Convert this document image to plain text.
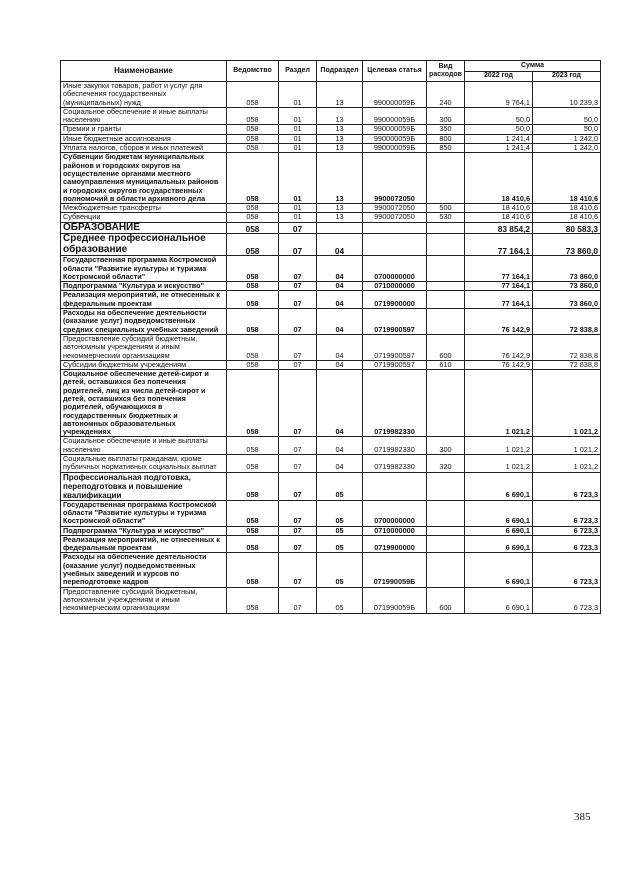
Наименование	Ведомство	Раздел	Подраздел	Целевая статья	Вид расходов	Сумма	
						2022 год	2023 год
Иные закупки товаров, работ и услуг для обеспечения государственных (муниципальных) нужд	058	01	13	990000059Б	240	9 764,1	10 239,3
Социальное обеспечение и иные выплаты населению	058	01	13	990000059Б	300	50,0	50,0
Премии и гранты	058	01	13	990000059Б	350	50,0	50,0
Иные бюджетные ассигнования	058	01	13	990000059Б	800	1 241,4	1 242,0
Уплата налогов, сборов и иных платежей	058	01	13	990000059Б	850	1 241,4	1 242,0
Субвенции бюджетам муниципальных районов и городских округов на осуществление органами местного самоуправления муниципальных районов и городских округов государственных полномочий в области архивного дела	058	01	13	9900072050		18 410,6	18 410,6
Межбюджетные трансферты	058	01	13	9900072050	500	18 410,6	18 410,6
Субвенции	058	01	13	9900072050	530	18 410,6	18 410,6
ОБРАЗОВАНИЕ	058	07				83 854,2	80 583,3
Среднее профессиональное образование	058	07	04			77 164,1	73 860,0
Государственная программа Костромской области "Развитие культуры и туризма Костромской области"	058	07	04	0700000000		77 164,1	73 860,0
Подпрограмма "Культура и искусство"	058	07	04	0710000000		77 164,1	73 860,0
Реализация мероприятий, не отнесенных к федеральным проектам	058	07	04	0719900000		77 164,1	73 860,0
Расходы на обеспечение деятельности (оказание услуг) подведомственных средних специальных учебных заведений	058	07	04	0719900597		76 142,9	72 838,8
Предоставление субсидий бюджетным, автономным учреждениям и иным некоммерческим организациям	058	07	04	0719900597	600	76 142,9	72 838,8
Субсидии бюджетным учреждениям	058	07	04	0719900597	610	76 142,9	72 838,8
Социальное обеспечение детей-сирот и детей, оставшихся без попечения родителей, лиц из числа детей-сирот и детей, оставшихся без попечения родителей, обучающихся в государственных бюджетных и автономных образовательных учреждениях	058	07	04	0719982330		1 021,2	1 021,2
Социальное обеспечение и иные выплаты населению	058	07	04	0719982330	300	1 021,2	1 021,2
Социальные выплаты гражданам, кроме публичных нормативных социальных выплат	058	07	04	0719982330	320	1 021,2	1 021,2
Профессиональная подготовка, переподготовка и повышение квалификации	058	07	05			6 690,1	6 723,3
Государственная программа Костромской области "Развитие культуры и туризма Костромской области"	058	07	05	0700000000		6 690,1	6 723,3
Подпрограмма "Культура и искусство"	058	07	05	0710000000		6 690,1	6 723,3
Реализация мероприятий, не отнесенных к федеральным проектам	058	07	05	0719900000		6 690,1	6 723,3
Расходы на обеспечение деятельности (оказание услуг) подведомственных учебных заведений и курсов по переподготовке кадров	058	07	05	071990059Б		6 690,1	6 723,3
Предоставление субсидий бюджетным, автономным учреждениям и иным некоммерческим организациям	058	07	05	071990059Б	600	6 690,1	6 723,3
385
